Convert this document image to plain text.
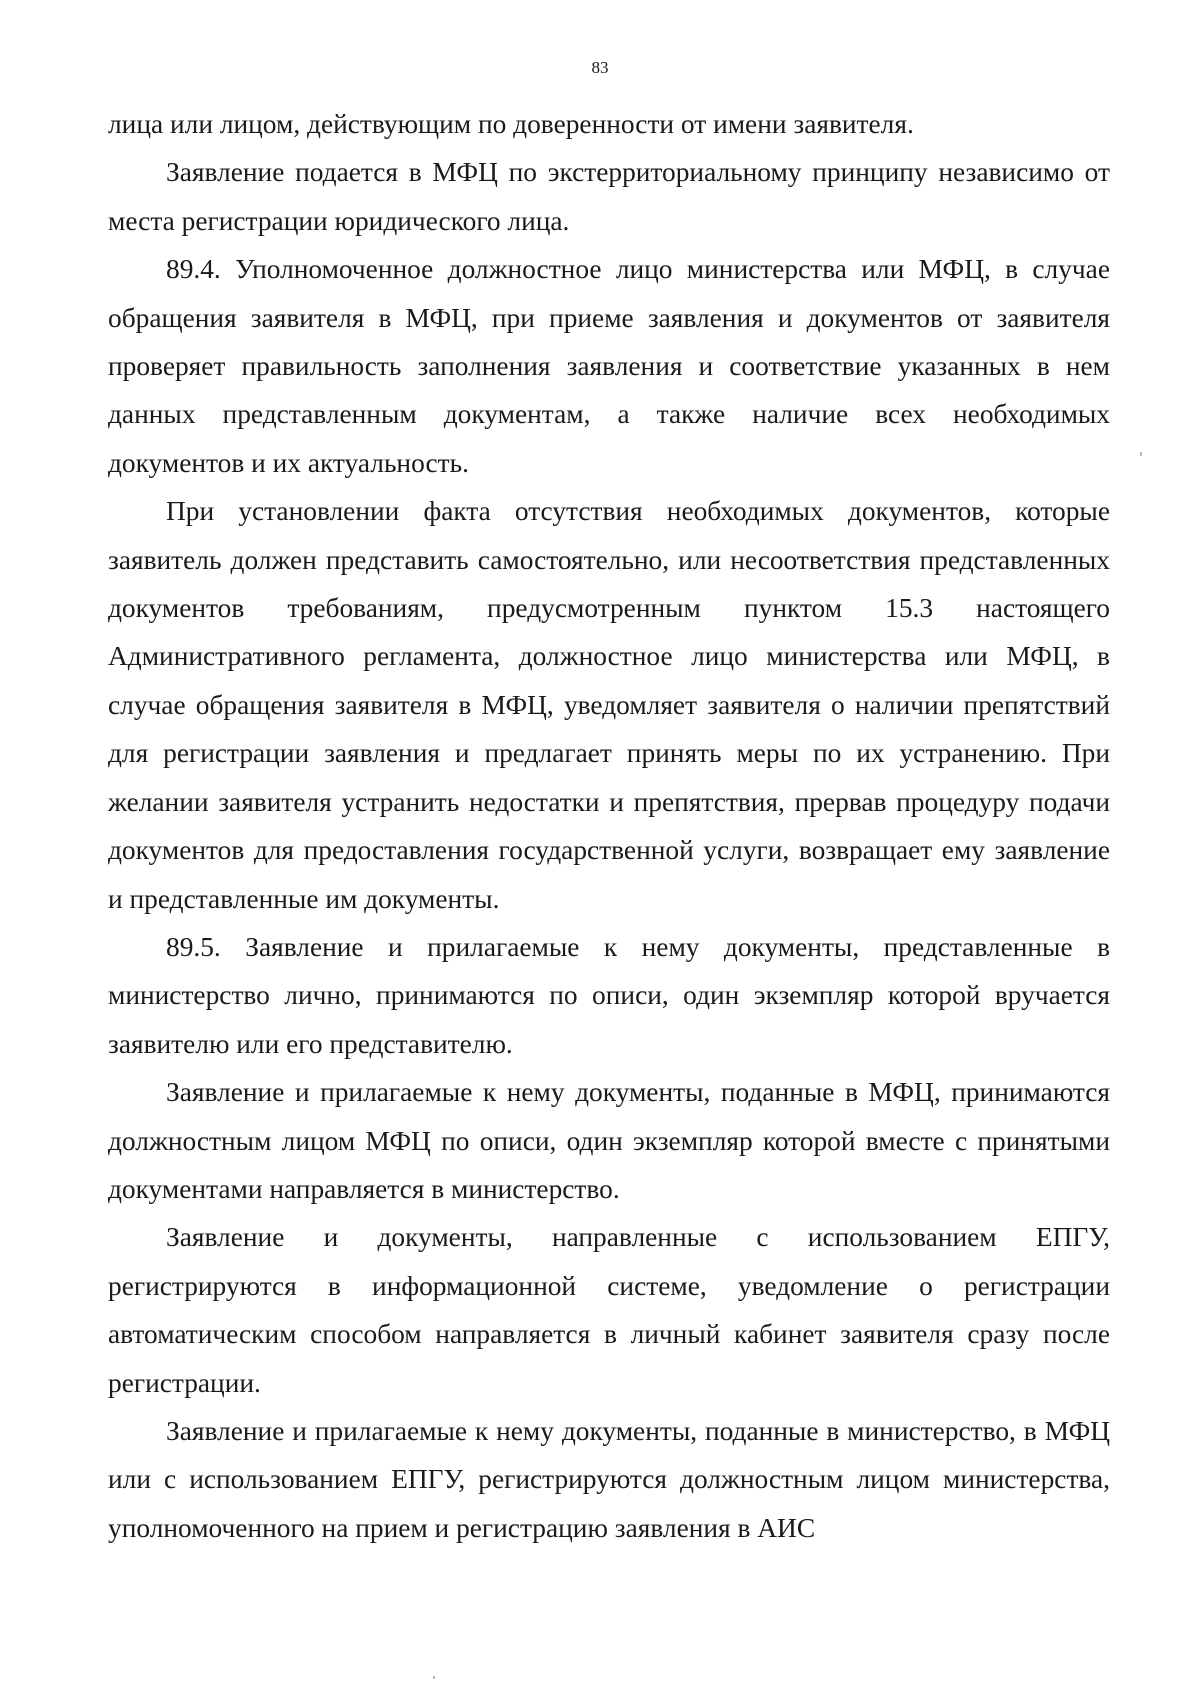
83

лица или лицом, действующим по доверенности от имени заявителя.

Заявление подается в МФЦ по экстерриториальному принципу независимо от места регистрации юридического лица.

89.4. Уполномоченное должностное лицо министерства или МФЦ, в случае обращения заявителя в МФЦ, при приеме заявления и документов от заявителя проверяет правильность заполнения заявления и соответствие указанных в нем данных представленным документам, а также наличие всех необходимых документов и их актуальность.

При установлении факта отсутствия необходимых документов, которые заявитель должен представить самостоятельно, или несоответствия представленных документов требованиям, предусмотренным пунктом 15.3 настоящего Административного регламента, должностное лицо министерства или МФЦ, в случае обращения заявителя в МФЦ, уведомляет заявителя о наличии препятствий для регистрации заявления и предлагает принять меры по их устранению. При желании заявителя устранить недостатки и препятствия, прервав процедуру подачи документов для предоставления государственной услуги, возвращает ему заявление и представленные им документы.

89.5. Заявление и прилагаемые к нему документы, представленные в министерство лично, принимаются по описи, один экземпляр которой вручается заявителю или его представителю.

Заявление и прилагаемые к нему документы, поданные в МФЦ, принимаются должностным лицом МФЦ по описи, один экземпляр которой вместе с принятыми документами направляется в министерство.

Заявление и документы, направленные с использованием ЕПГУ, регистрируются в информационной системе, уведомление о регистрации автоматическим способом направляется в личный кабинет заявителя сразу после регистрации.

Заявление и прилагаемые к нему документы, поданные в министерство, в МФЦ или с использованием ЕПГУ, регистрируются должностным лицом министерства, уполномоченного на прием и регистрацию заявления в АИС
